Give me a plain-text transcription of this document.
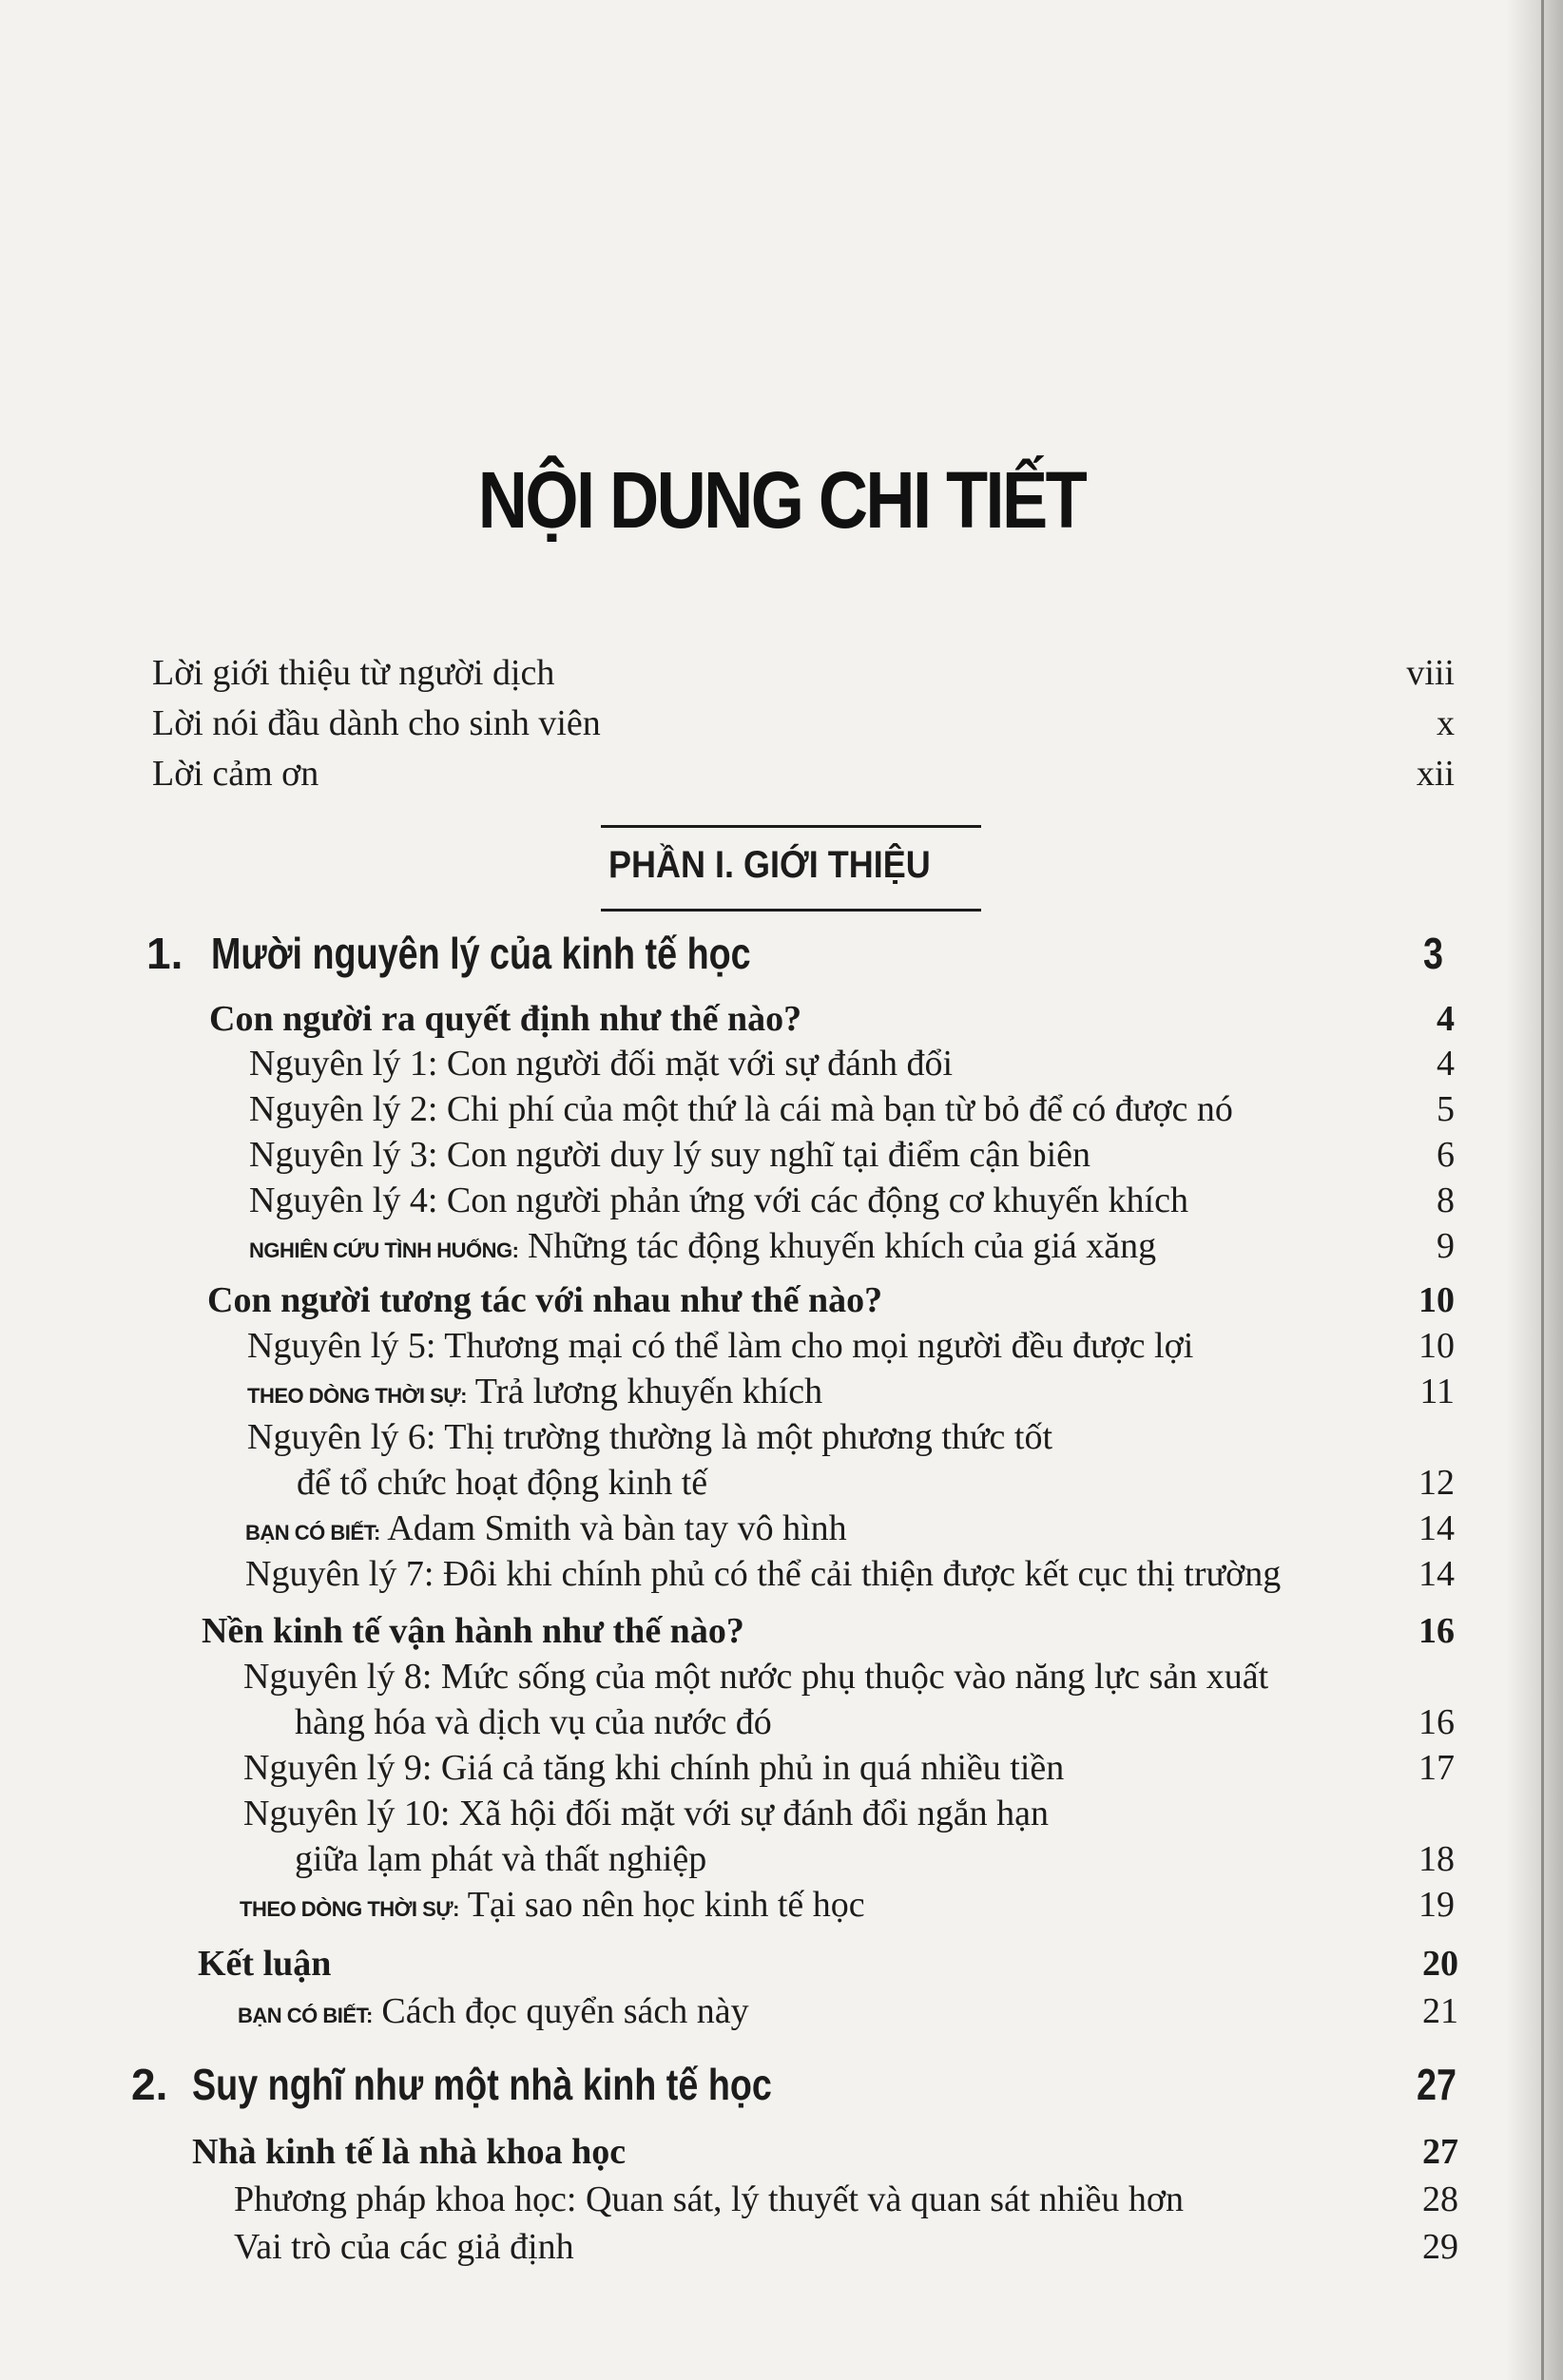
NỘI DUNG CHI TIẾT
Lời giới thiệu từ người dịch	viii
Lời nói đầu dành cho sinh viên	x
Lời cảm ơn	xii
PHẦN I. GIỚI THIỆU
1. Mười nguyên lý của kinh tế học	3
Con người ra quyết định như thế nào?	4
Nguyên lý 1: Con người đối mặt với sự đánh đổi	4
Nguyên lý 2: Chi phí của một thứ là cái mà bạn từ bỏ để có được nó	5
Nguyên lý 3: Con người duy lý suy nghĩ tại điểm cận biên	6
Nguyên lý 4: Con người phản ứng với các động cơ khuyến khích	8
NGHIÊN CỨU TÌNH HUỐNG: Những tác động khuyến khích của giá xăng	9
Con người tương tác với nhau như thế nào?	10
Nguyên lý 5: Thương mại có thể làm cho mọi người đều được lợi	10
THEO DÒNG THỜI SỰ: Trả lương khuyến khích	11
Nguyên lý 6: Thị trường thường là một phương thức tốt
để tổ chức hoạt động kinh tế	12
BẠN CÓ BIẾT: Adam Smith và bàn tay vô hình	14
Nguyên lý 7: Đôi khi chính phủ có thể cải thiện được kết cục thị trường	14
Nền kinh tế vận hành như thế nào?	16
Nguyên lý 8: Mức sống của một nước phụ thuộc vào năng lực sản xuất
hàng hóa và dịch vụ của nước đó	16
Nguyên lý 9: Giá cả tăng khi chính phủ in quá nhiều tiền	17
Nguyên lý 10: Xã hội đối mặt với sự đánh đổi ngắn hạn
giữa lạm phát và thất nghiệp	18
THEO DÒNG THỜI SỰ: Tại sao nên học kinh tế học	19
Kết luận	20
BẠN CÓ BIẾT: Cách đọc quyển sách này	21
2. Suy nghĩ như một nhà kinh tế học	27
Nhà kinh tế là nhà khoa học	27
Phương pháp khoa học: Quan sát, lý thuyết và quan sát nhiều hơn	28
Vai trò của các giả định	29
